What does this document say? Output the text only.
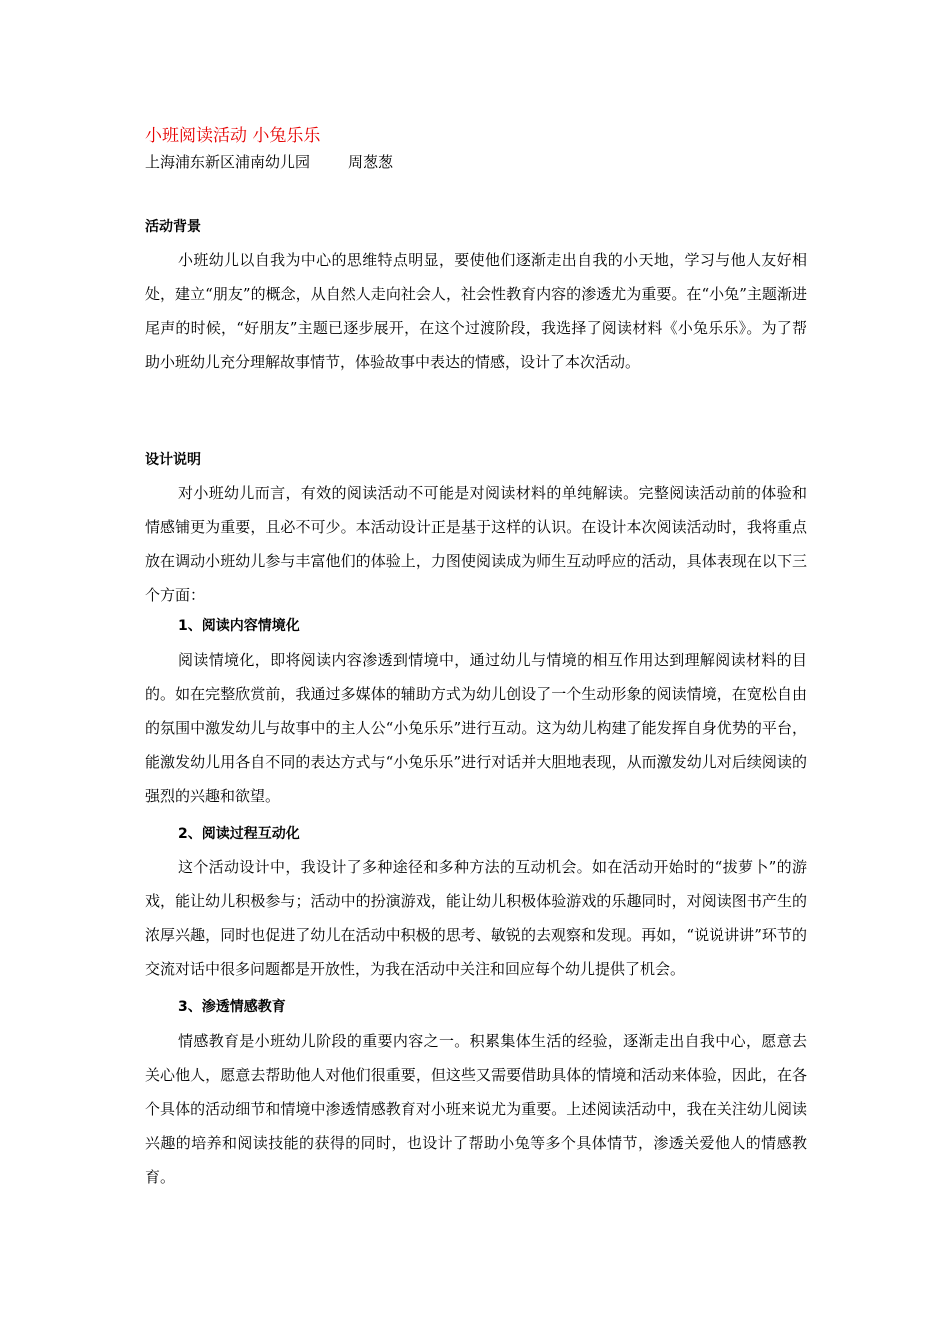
小班阅读活动 小兔乐乐
上海浦东新区浦南幼儿园	周葱葱
活动背景

小班幼儿以自我为中心的思维特点明显，要使他们逐渐走出自我的小天地，学习与他人友好相处，建立“朋友”的概念，从自然人走向社会人，社会性教育内容的渗透尤为重要。在“小兔”主题渐进尾声的时候，“好朋友”主题已逐步展开，在这个过渡阶段，我选择了阅读材料《小兔乐乐》。为了帮助小班幼儿充分理解故事情节，体验故事中表达的情感，设计了本次活动。

设计说明

对小班幼儿而言，有效的阅读活动不可能是对阅读材料的单纯解读。完整阅读活动前的体验和情感铺更为重要，且必不可少。本活动设计正是基于这样的认识。在设计本次阅读活动时，我将重点放在调动小班幼儿参与丰富他们的体验上，力图使阅读成为师生互动呼应的活动，具体表现在以下三个方面：

1、阅读内容情境化

阅读情境化，即将阅读内容渗透到情境中，通过幼儿与情境的相互作用达到理解阅读材料的目的。如在完整欣赏前，我通过多媒体的辅助方式为幼儿创设了一个生动形象的阅读情境，在宽松自由的氛围中激发幼儿与故事中的主人公“小兔乐乐”进行互动。这为幼儿构建了能发挥自身优势的平台，能激发幼儿用各自不同的表达方式与“小兔乐乐”进行对话并大胆地表现，从而激发幼儿对后续阅读的强烈的兴趣和欲望。

2、阅读过程互动化

这个活动设计中，我设计了多种途径和多种方法的互动机会。如在活动开始时的“拔萝卜”的游戏，能让幼儿积极参与；活动中的扮演游戏，能让幼儿积极体验游戏的乐趣同时，对阅读图书产生的浓厚兴趣，同时也促进了幼儿在活动中积极的思考、敏锐的去观察和发现。再如，“说说讲讲”环节的交流对话中很多问题都是开放性，为我在活动中关注和回应每个幼儿提供了机会。

3、渗透情感教育

情感教育是小班幼儿阶段的重要内容之一。积累集体生活的经验，逐渐走出自我中心，愿意去关心他人，愿意去帮助他人对他们很重要，但这些又需要借助具体的情境和活动来体验，因此，在各个具体的活动细节和情境中渗透情感教育对小班来说尤为重要。上述阅读活动中，我在关注幼儿阅读兴趣的培养和阅读技能的获得的同时，也设计了帮助小兔等多个具体情节，渗透关爱他人的情感教育。
